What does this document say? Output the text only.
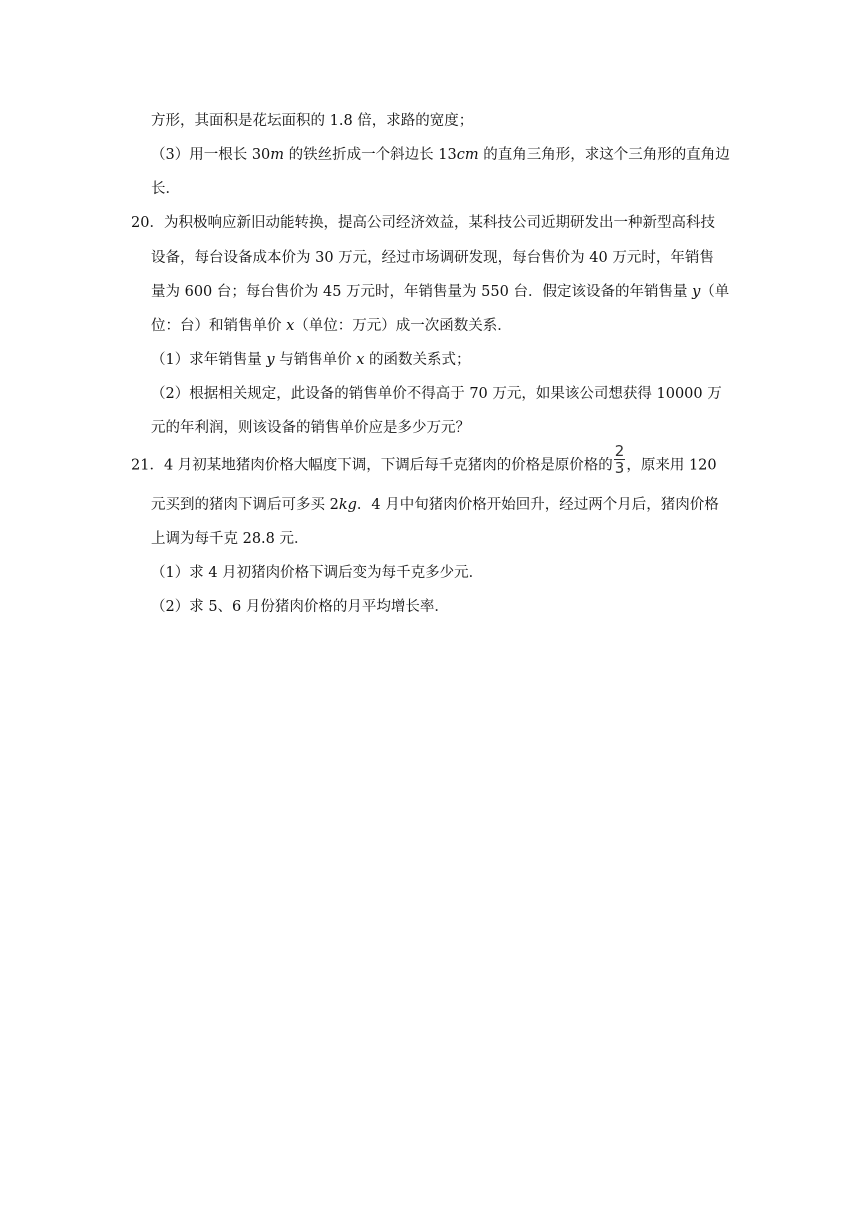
方形，其面积是花坛面积的 1.8 倍，求路的宽度；
（3）用一根长 30m 的铁丝折成一个斜边长 13cm 的直角三角形，求这个三角形的直角边
长．
20．为积极响应新旧动能转换，提高公司经济效益，某科技公司近期研发出一种新型高科技
设备，每台设备成本价为 30 万元，经过市场调研发现，每台售价为 40 万元时，年销售
量为 600 台；每台售价为 45 万元时，年销售量为 550 台．假定该设备的年销售量 y（单
位：台）和销售单价 x（单位：万元）成一次函数关系．
（1）求年销售量 y 与销售单价 x 的函数关系式；
（2）根据相关规定，此设备的销售单价不得高于 70 万元，如果该公司想获得 10000 万
元的年利润，则该设备的销售单价应是多少万元？
21．4 月初某地猪肉价格大幅度下调，下调后每千克猪肉的价格是原价格的 $\frac{2}{3}$ ，原来用 120
元买到的猪肉下调后可多买 2kg．4 月中旬猪肉价格开始回升，经过两个月后，猪肉价格
上调为每千克 28.8 元．
（1）求 4 月初猪肉价格下调后变为每千克多少元．
（2）求 5、6 月份猪肉价格的月平均增长率．
